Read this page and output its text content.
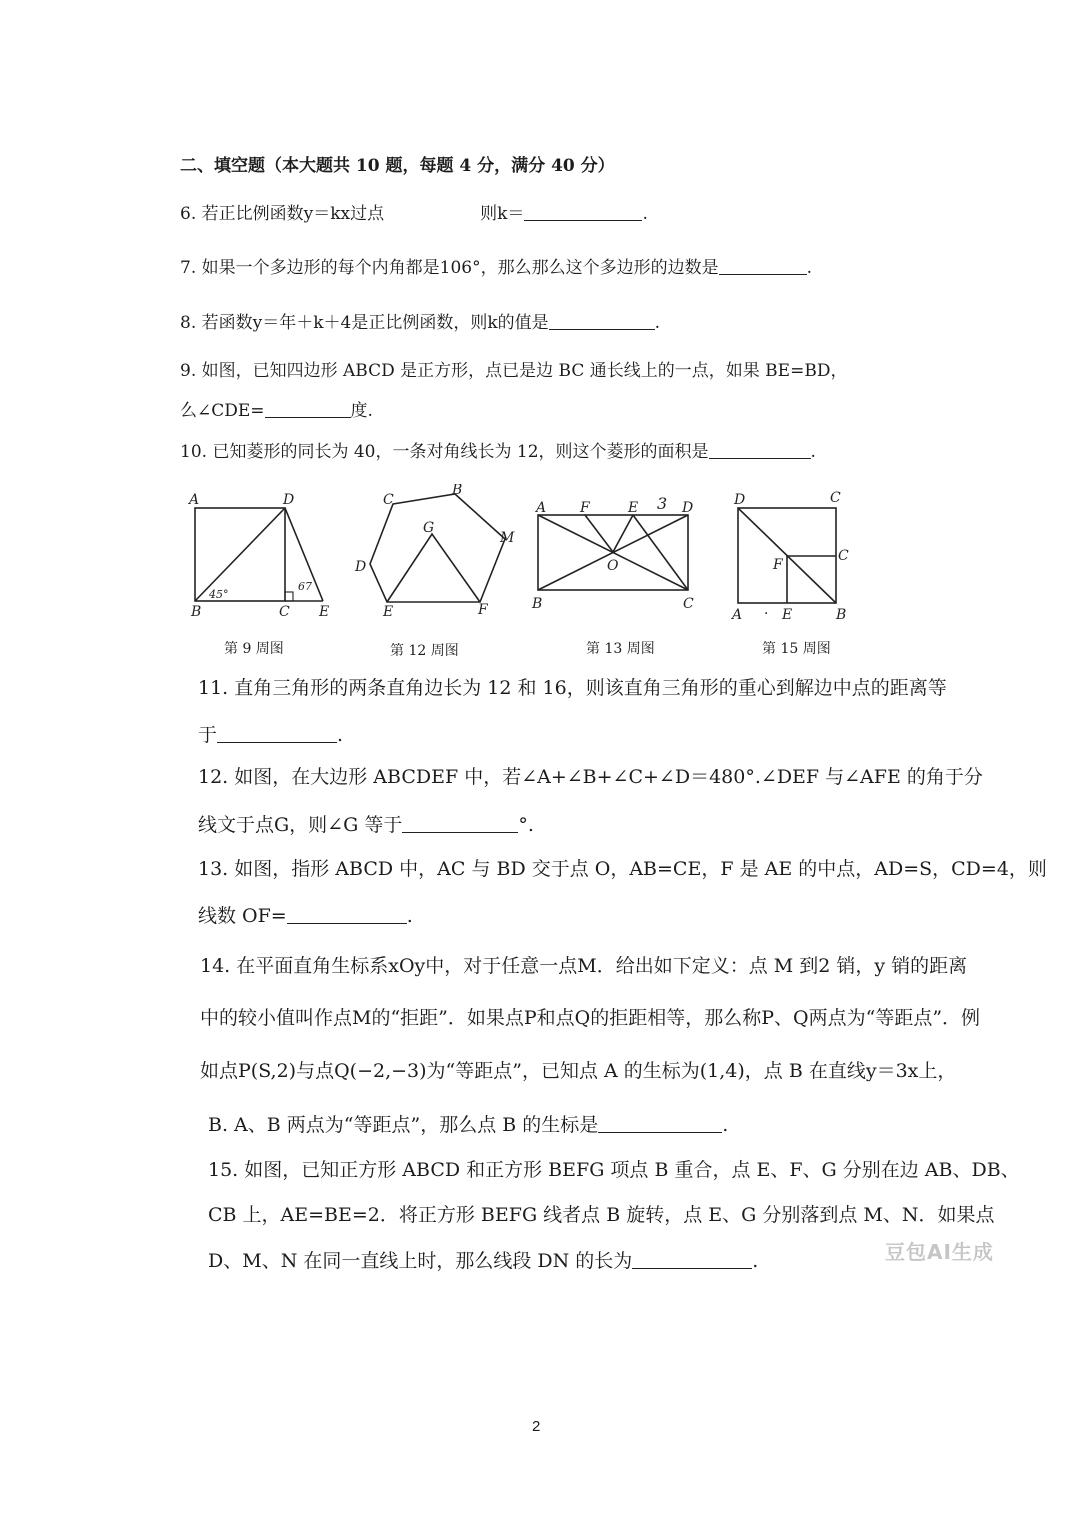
二、填空题（本大题共 10 题，每题 4 分，满分 40 分）
6. 若正比例函数y＝kx过点	则k＝	.
7. 如果一个多边形的每个内角都是106°，那么那么这个多边形的边数是	.
8. 若函数y＝年＋k＋4是正比例函数，则k的值是	.
9. 如图，已知四边形 ABCD 是正方形，点已是边 BC 通长线上的一点，如果 BE=BD，
么∠CDE=	度.
10. 已知菱形的同长为 40，一条对角线长为 12，则这个菱形的面积是	.
A	D
B	C E
45°
67
第 9 周图
C
B
M
D
G
E	F
第 12 周图
A F	E 3 D
O
B	C
第 13 周图
D	C
C
F
A · E	B
第 15 周图
11. 直角三角形的两条直角边长为 12 和 16，则该直角三角形的重心到解边中点的距离等
于	.
12. 如图，在大边形 ABCDEF 中，若∠A+∠B+∠C+∠D＝480°.∠DEF 与∠AFE 的角于分
线文于点G，则∠G 等于	°.
13. 如图，指形 ABCD 中，AC 与 BD 交于点 O，AB=CE，F 是 AE 的中点，AD=S，CD=4，则
线数 OF=	.
14. 在平面直角生标系xOy中，对于任意一点M．给出如下定义：点 M 到2 销，y 销的距离
中的较小值叫作点M的“拒距”．如果点P和点Q的拒距相等，那么称P、Q两点为“等距点”．例
如点P(S,2)与点Q(−2,−3)为“等距点”，已知点 A 的生标为(1,4)，点 B 在直线y＝3x上，
B. A、B 两点为“等距点”，那么点 B 的生标是	.
15. 如图，已知正方形 ABCD 和正方形 BEFG 项点 B 重合，点 E、F、G 分别在边 AB、DB、
CB 上，AE=BE=2．将正方形 BEFG 线者点 B 旋转，点 E、G 分别落到点 M、N．如果点
D、M、N 在同一直线上时，那么线段 DN 的长为	.	豆包AI生成
2
